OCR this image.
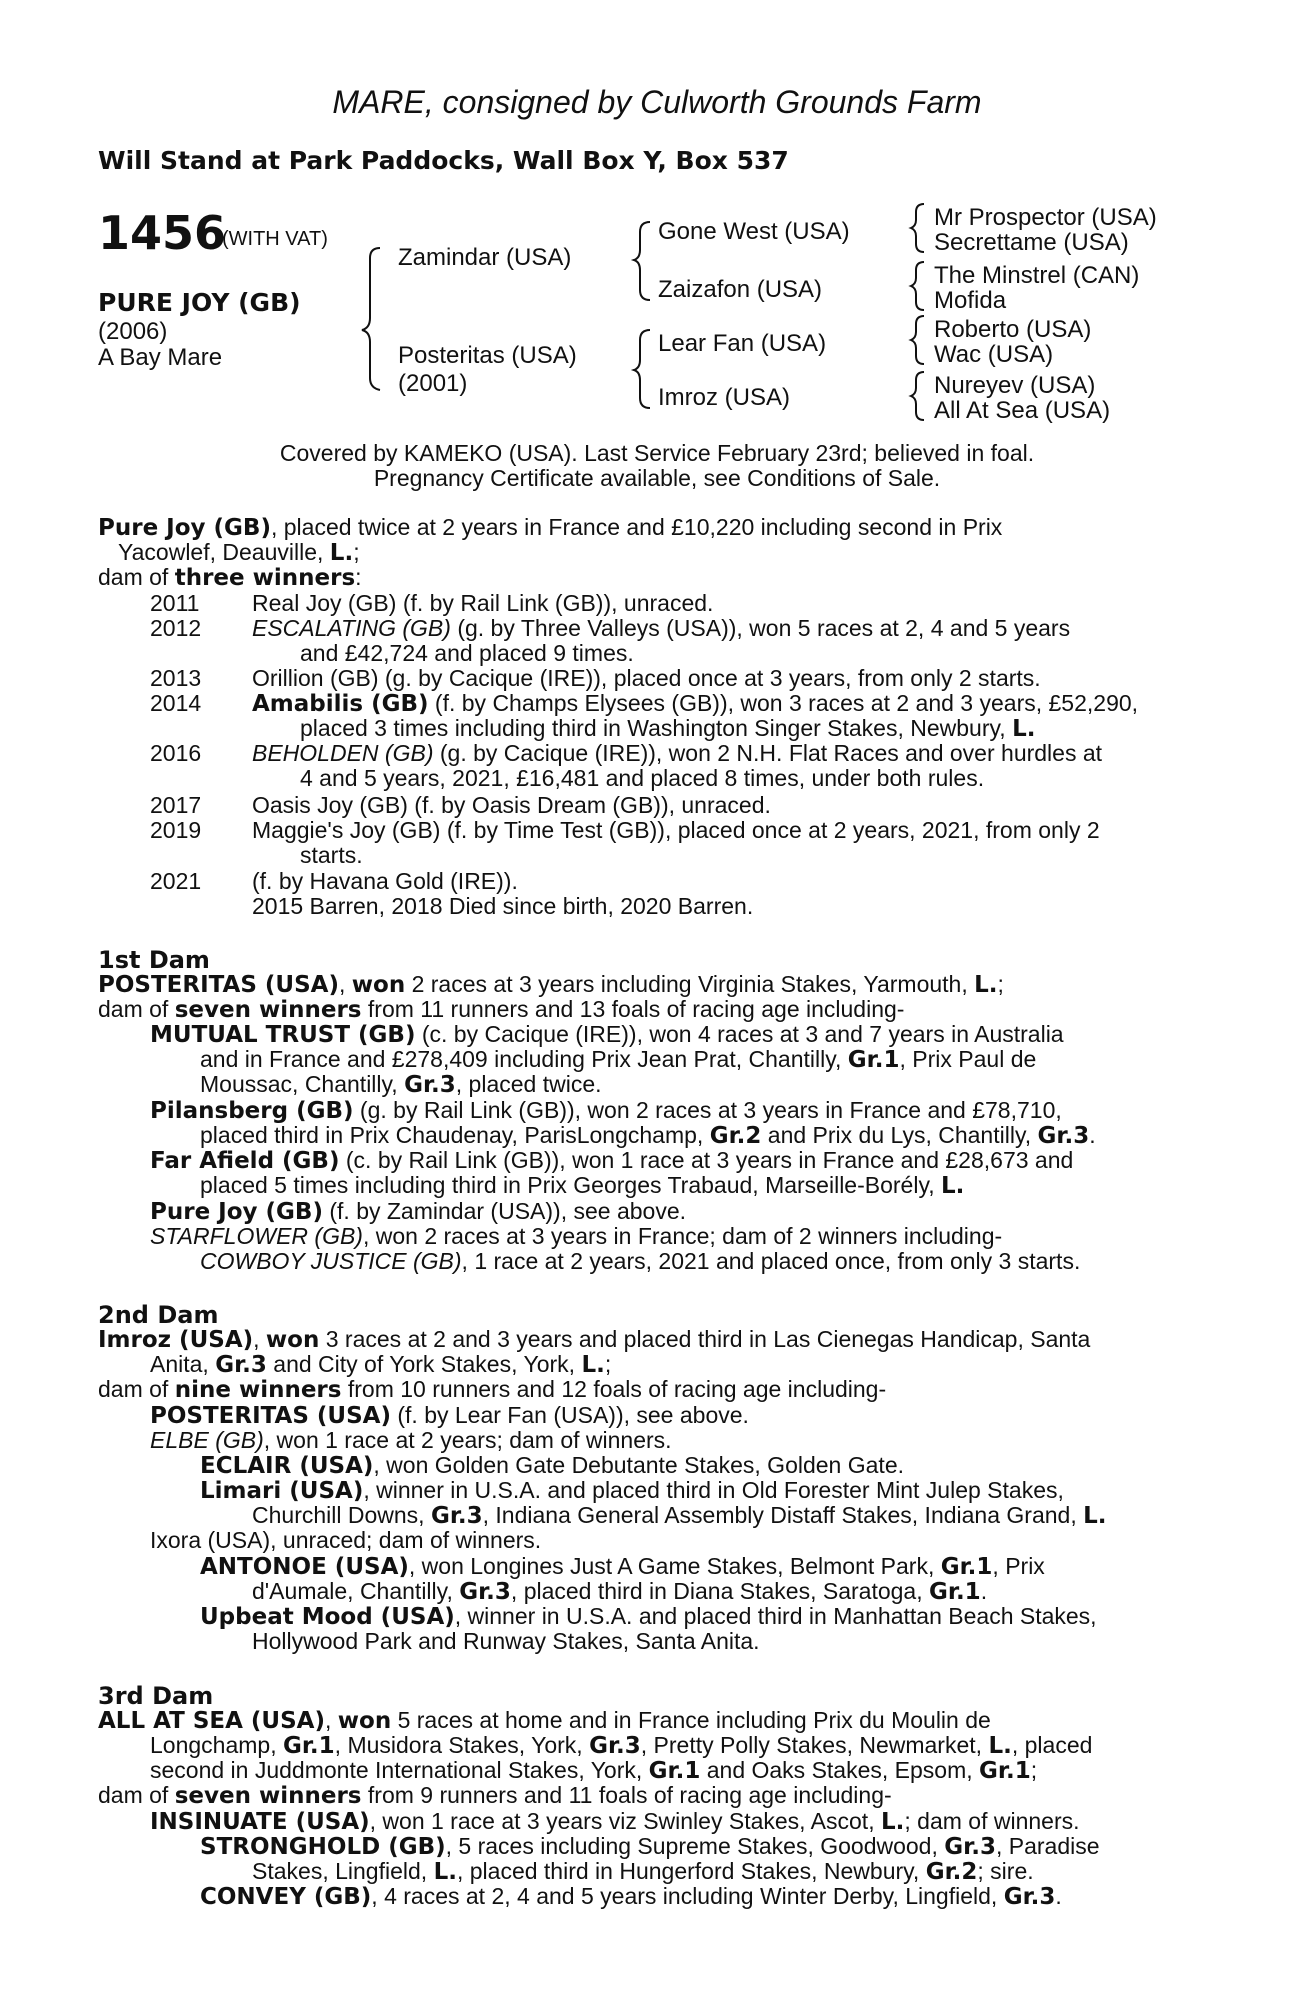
MARE, consigned by Culworth Grounds Farm
Will Stand at Park Paddocks, Wall Box Y, Box 537
1456
(WITH VAT)
PURE JOY (GB)
(2006)
A Bay Mare
Zamindar (USA)
Posteritas (USA)
(2001)
Gone West (USA)
Zaizafon (USA)
Lear Fan (USA)
Imroz (USA)
Mr Prospector (USA)
Secrettame (USA)
The Minstrel (CAN)
Mofida
Roberto (USA)
Wac (USA)
Nureyev (USA)
All At Sea (USA)
Covered by KAMEKO (USA). Last Service February 23rd; believed in foal.
Pregnancy Certificate available, see Conditions of Sale.
Pure Joy (GB), placed twice at 2 years in France and £10,220 including second in Prix
Yacowlef, Deauville, L.;
dam of three winners:
2011 Real Joy (GB) (f. by Rail Link (GB)), unraced.
2012 ESCALATING (GB) (g. by Three Valleys (USA)), won 5 races at 2, 4 and 5 years
and £42,724 and placed 9 times.
2013 Orillion (GB) (g. by Cacique (IRE)), placed once at 3 years, from only 2 starts.
2014 Amabilis (GB) (f. by Champs Elysees (GB)), won 3 races at 2 and 3 years, £52,290,
placed 3 times including third in Washington Singer Stakes, Newbury, L.
2016 BEHOLDEN (GB) (g. by Cacique (IRE)), won 2 N.H. Flat Races and over hurdles at
4 and 5 years, 2021, £16,481 and placed 8 times, under both rules.
2017 Oasis Joy (GB) (f. by Oasis Dream (GB)), unraced.
2019 Maggie's Joy (GB) (f. by Time Test (GB)), placed once at 2 years, 2021, from only 2
starts.
2021 (f. by Havana Gold (IRE)).
2015 Barren, 2018 Died since birth, 2020 Barren.
1st Dam
POSTERITAS (USA), won 2 races at 3 years including Virginia Stakes, Yarmouth, L.;
dam of seven winners from 11 runners and 13 foals of racing age including-
MUTUAL TRUST (GB) (c. by Cacique (IRE)), won 4 races at 3 and 7 years in Australia
and in France and £278,409 including Prix Jean Prat, Chantilly, Gr.1, Prix Paul de
Moussac, Chantilly, Gr.3, placed twice.
Pilansberg (GB) (g. by Rail Link (GB)), won 2 races at 3 years in France and £78,710,
placed third in Prix Chaudenay, ParisLongchamp, Gr.2 and Prix du Lys, Chantilly, Gr.3.
Far Afield (GB) (c. by Rail Link (GB)), won 1 race at 3 years in France and £28,673 and
placed 5 times including third in Prix Georges Trabaud, Marseille-Borély, L.
Pure Joy (GB) (f. by Zamindar (USA)), see above.
STARFLOWER (GB), won 2 races at 3 years in France; dam of 2 winners including-
COWBOY JUSTICE (GB), 1 race at 2 years, 2021 and placed once, from only 3 starts.
2nd Dam
Imroz (USA), won 3 races at 2 and 3 years and placed third in Las Cienegas Handicap, Santa
Anita, Gr.3 and City of York Stakes, York, L.;
dam of nine winners from 10 runners and 12 foals of racing age including-
POSTERITAS (USA) (f. by Lear Fan (USA)), see above.
ELBE (GB), won 1 race at 2 years; dam of winners.
ECLAIR (USA), won Golden Gate Debutante Stakes, Golden Gate.
Limari (USA), winner in U.S.A. and placed third in Old Forester Mint Julep Stakes,
Churchill Downs, Gr.3, Indiana General Assembly Distaff Stakes, Indiana Grand, L.
Ixora (USA), unraced; dam of winners.
ANTONOE (USA), won Longines Just A Game Stakes, Belmont Park, Gr.1, Prix
d'Aumale, Chantilly, Gr.3, placed third in Diana Stakes, Saratoga, Gr.1.
Upbeat Mood (USA), winner in U.S.A. and placed third in Manhattan Beach Stakes,
Hollywood Park and Runway Stakes, Santa Anita.
3rd Dam
ALL AT SEA (USA), won 5 races at home and in France including Prix du Moulin de
Longchamp, Gr.1, Musidora Stakes, York, Gr.3, Pretty Polly Stakes, Newmarket, L., placed
second in Juddmonte International Stakes, York, Gr.1 and Oaks Stakes, Epsom, Gr.1;
dam of seven winners from 9 runners and 11 foals of racing age including-
INSINUATE (USA), won 1 race at 3 years viz Swinley Stakes, Ascot, L.; dam of winners.
STRONGHOLD (GB), 5 races including Supreme Stakes, Goodwood, Gr.3, Paradise
Stakes, Lingfield, L., placed third in Hungerford Stakes, Newbury, Gr.2; sire.
CONVEY (GB), 4 races at 2, 4 and 5 years including Winter Derby, Lingfield, Gr.3.
